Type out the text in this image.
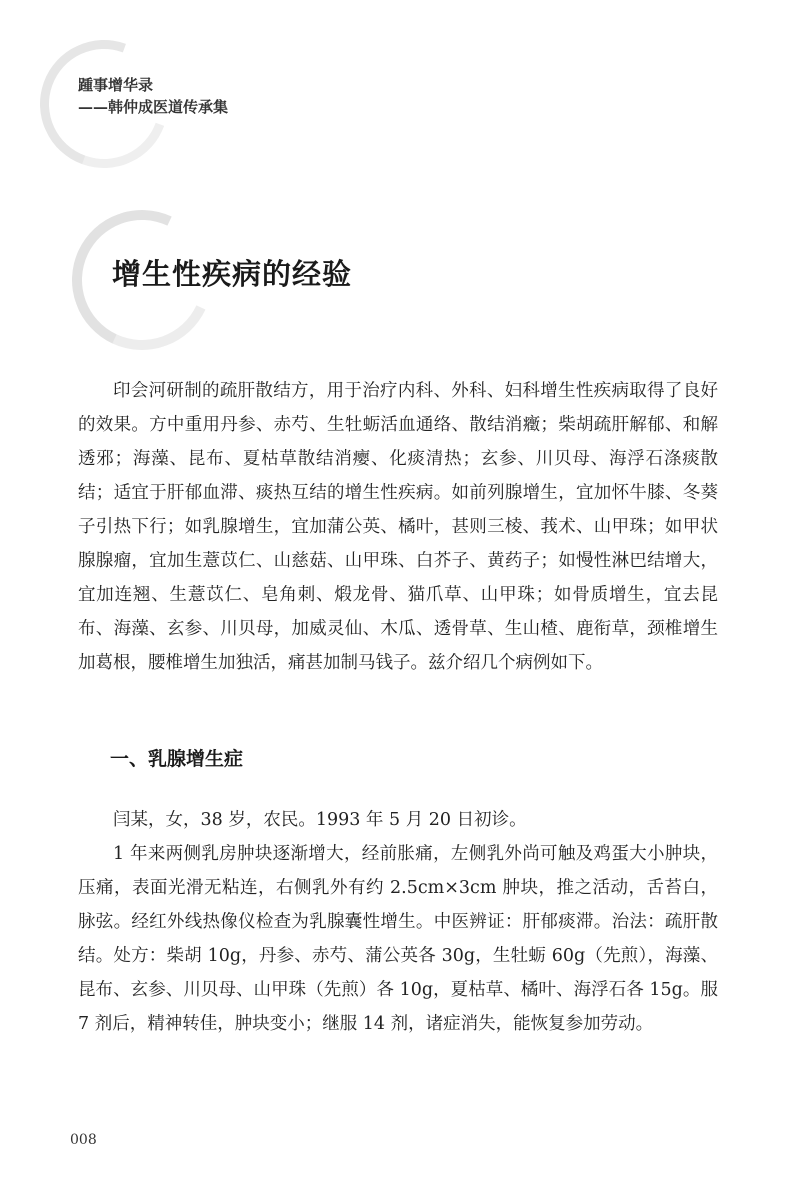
踵事增华录
——韩仲成医道传承集
增生性疾病的经验

印会河研制的疏肝散结方，用于治疗内科、外科、妇科增生性疾病取得了良好的效果。方中重用丹参、赤芍、生牡蛎活血通络、散结消癥；柴胡疏肝解郁、和解透邪；海藻、昆布、夏枯草散结消瘿、化痰清热；玄参、川贝母、海浮石涤痰散结；适宜于肝郁血滞、痰热互结的增生性疾病。如前列腺增生，宜加怀牛膝、冬葵子引热下行；如乳腺增生，宜加蒲公英、橘叶，甚则三棱、莪术、山甲珠；如甲状腺腺瘤，宜加生薏苡仁、山慈菇、山甲珠、白芥子、黄药子；如慢性淋巴结增大，宜加连翘、生薏苡仁、皂角刺、煅龙骨、猫爪草、山甲珠；如骨质增生，宜去昆布、海藻、玄参、川贝母，加威灵仙、木瓜、透骨草、生山楂、鹿衔草，颈椎增生加葛根，腰椎增生加独活，痛甚加制马钱子。兹介绍几个病例如下。

一、乳腺增生症

闫某，女，38 岁，农民。1993 年 5 月 20 日初诊。

1 年来两侧乳房肿块逐渐增大，经前胀痛，左侧乳外尚可触及鸡蛋大小肿块，压痛，表面光滑无粘连，右侧乳外有约 2.5cm×3cm 肿块，推之活动，舌苔白，脉弦。经红外线热像仪检查为乳腺囊性增生。中医辨证：肝郁痰滞。治法：疏肝散结。处方：柴胡 10g，丹参、赤芍、蒲公英各 30g，生牡蛎 60g（先煎），海藻、昆布、玄参、川贝母、山甲珠（先煎）各 10g，夏枯草、橘叶、海浮石各 15g。服 7 剂后，精神转佳，肿块变小；继服 14 剂，诸症消失，能恢复参加劳动。

008
